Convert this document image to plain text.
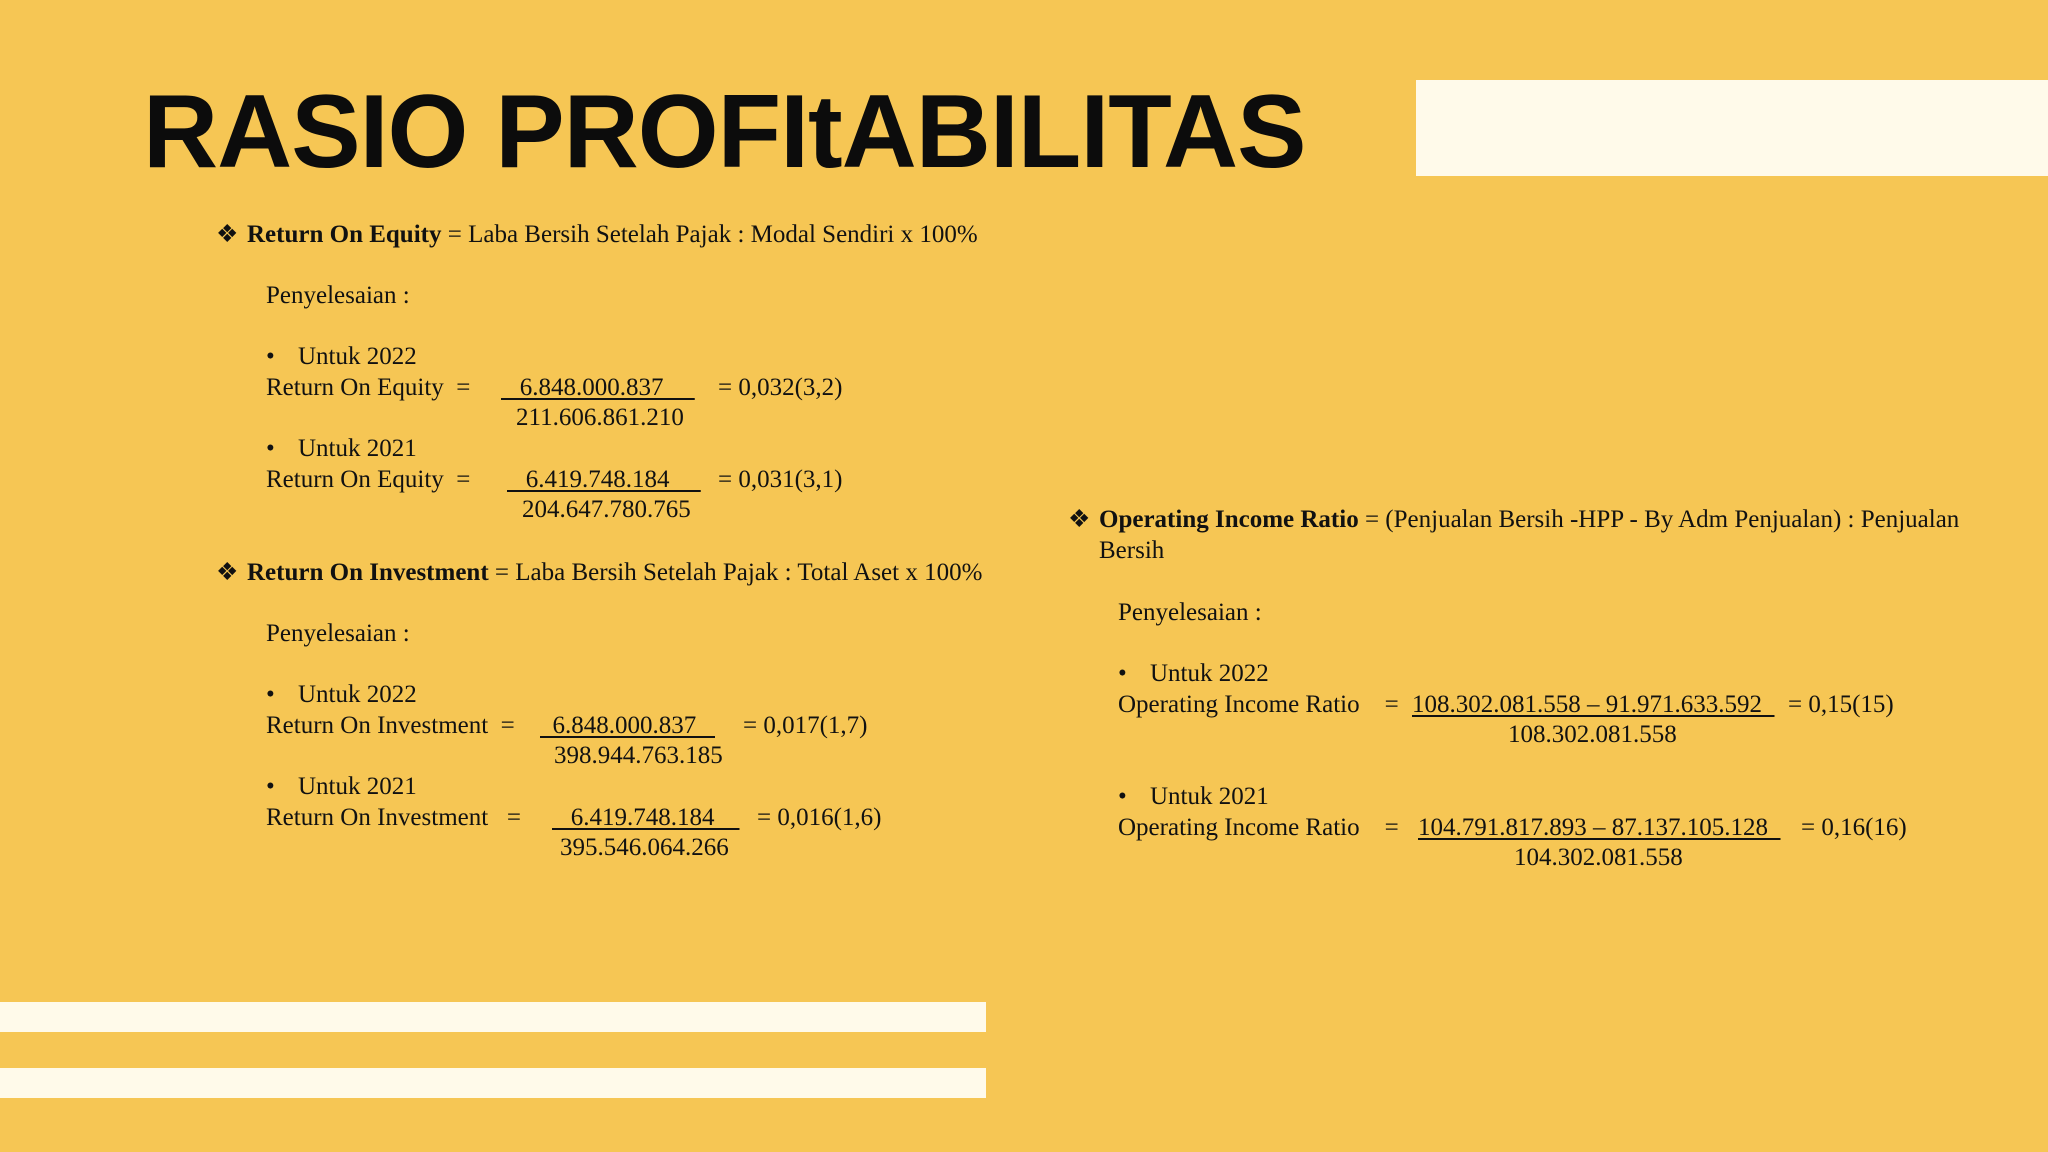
RASIO PROFItABILITAS
❖ Return On Equity = Laba Bersih Setelah Pajak : Modal Sendiri x 100%
Penyelesaian :
• Untuk 2022
Return On Equity  = 6.848.000.837 = 0,032(3,2)
211.606.861.210
• Untuk 2021
Return On Equity  = 6.419.748.184 = 0,031(3,1)
204.647.780.765
❖ Return On Investment = Laba Bersih Setelah Pajak : Total Aset x 100%
Penyelesaian :
• Untuk 2022
Return On Investment  = 6.848.000.837 = 0,017(1,7)
398.944.763.185
• Untuk 2021
Return On Investment   = 6.419.748.184 = 0,016(1,6)
395.546.064.266
❖ Operating Income Ratio = (Penjualan Bersih -HPP - By Adm Penjualan) : Penjualan
Bersih
Penyelesaian :
• Untuk 2022
Operating Income Ratio    = 108.302.081.558 – 91.971.633.592 = 0,15(15)
108.302.081.558
• Untuk 2021
Operating Income Ratio    = 104.791.817.893 – 87.137.105.128 = 0,16(16)
104.302.081.558
